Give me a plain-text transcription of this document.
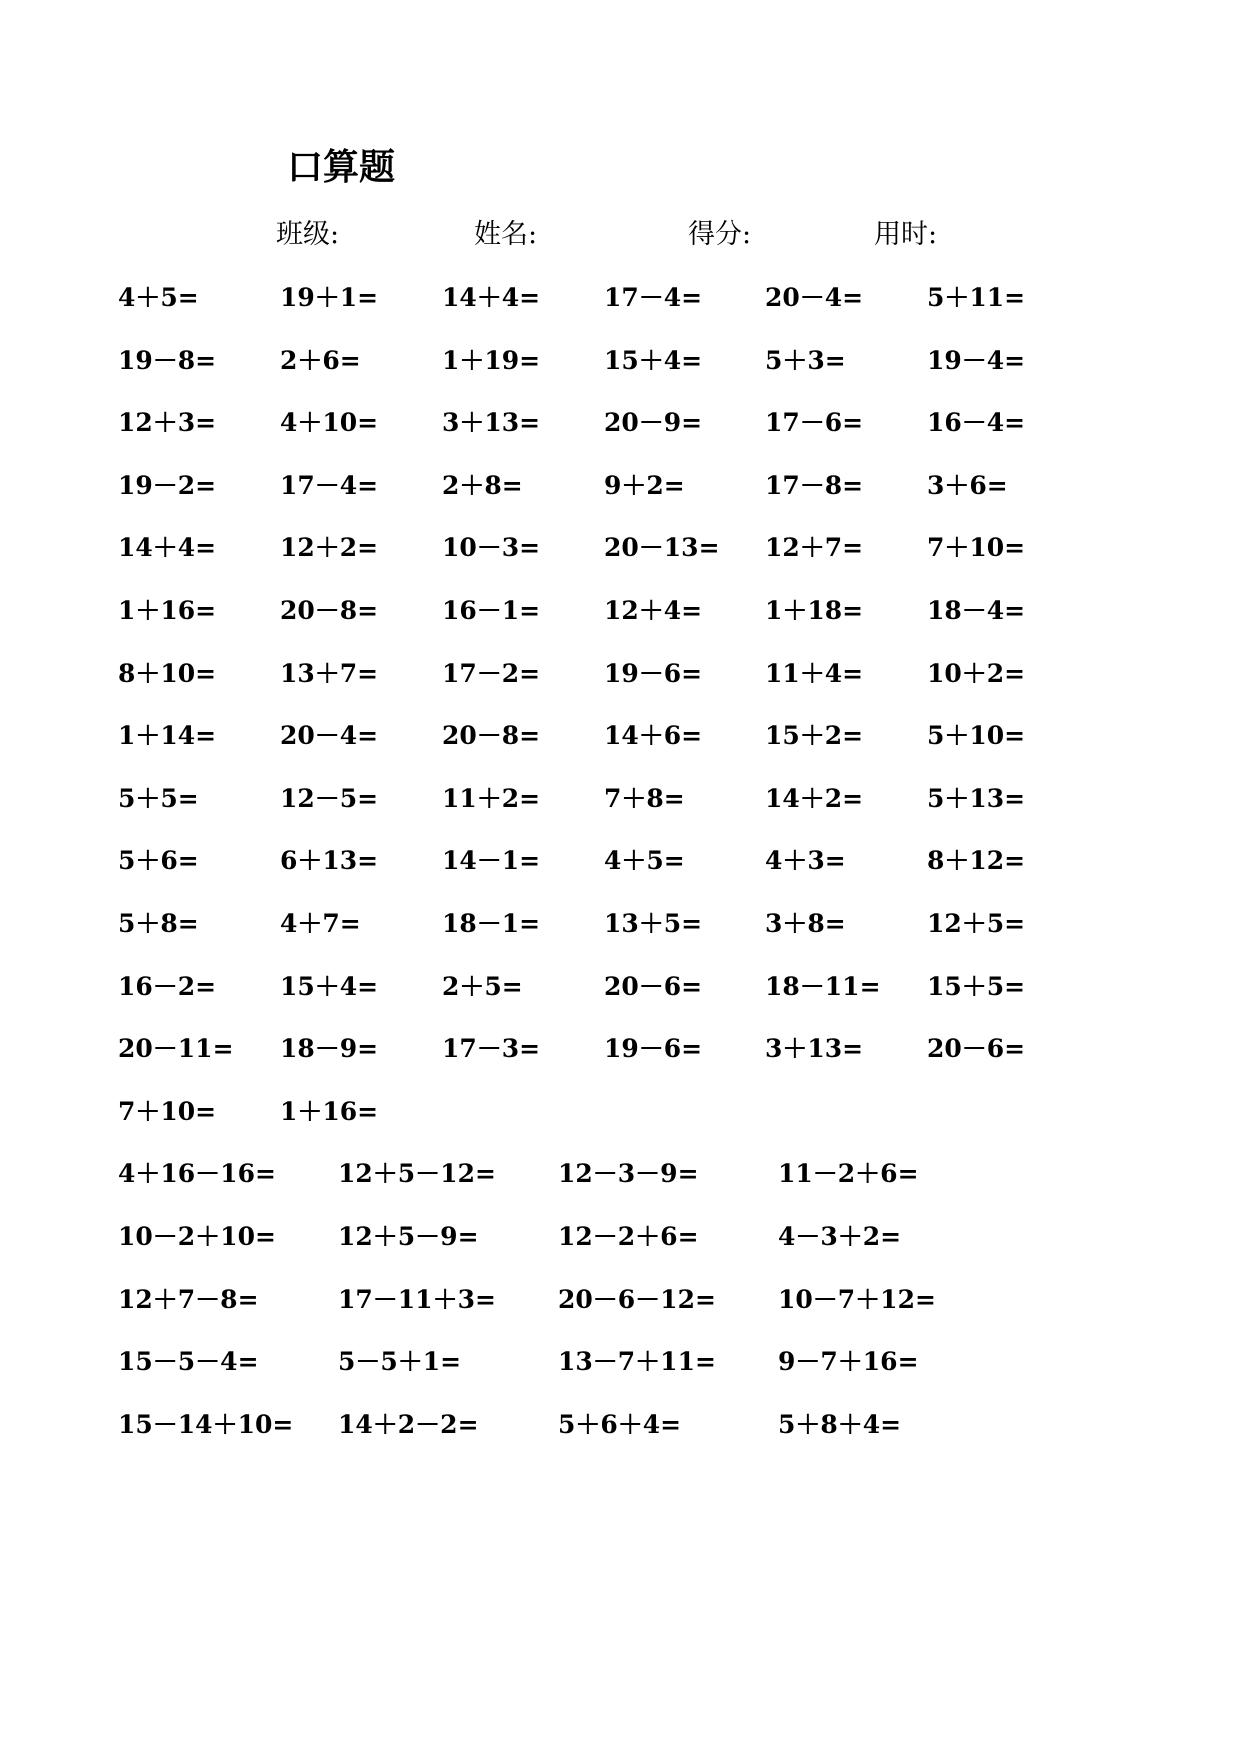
口算题
班级:	姓名:	得分:	用时:
4＋5=	19＋1=	14＋4=	17－4=	20－4=	5＋11=
19－8=	2＋6=	1＋19=	15＋4=	5＋3=	19－4=
12＋3=	4＋10=	3＋13=	20－9=	17－6=	16－4=
19－2=	17－4=	2＋8=	9＋2=	17－8=	3＋6=
14＋4=	12＋2=	10－3=	20－13= 12＋7=	7＋10=
1＋16=	20－8=	16－1=	12＋4=	1＋18=	18－4=
8＋10=	13＋7=	17－2=	19－6=	11＋4=	10＋2=
1＋14=	20－4=	20－8=	14＋6=	15＋2=	5＋10=
5＋5=	12－5=	11＋2=	7＋8=	14＋2=	5＋13=
5＋6=	6＋13=	14－1=	4＋5=	4＋3=	8＋12=
5＋8=	4＋7=	18－1=	13＋5=	3＋8=	12＋5=
16－2=	15＋4=	2＋5=	20－6=	18－11= 15＋5=
20－11= 18－9=	17－3=	19－6=	3＋13=	20－6=
7＋10=	1＋16=
4＋16－16= 12＋5－12= 12－3－9=	11－2＋6=
10－2＋10= 12＋5－9=	12－2＋6=	4－3＋2=
12＋7－8=	17－11＋3= 20－6－12= 10－7＋12=
15－5－4=	5－5＋1=	13－7＋11= 9－7＋16=
15－14＋10= 14＋2－2=	5＋6＋4=	5＋8＋4=
